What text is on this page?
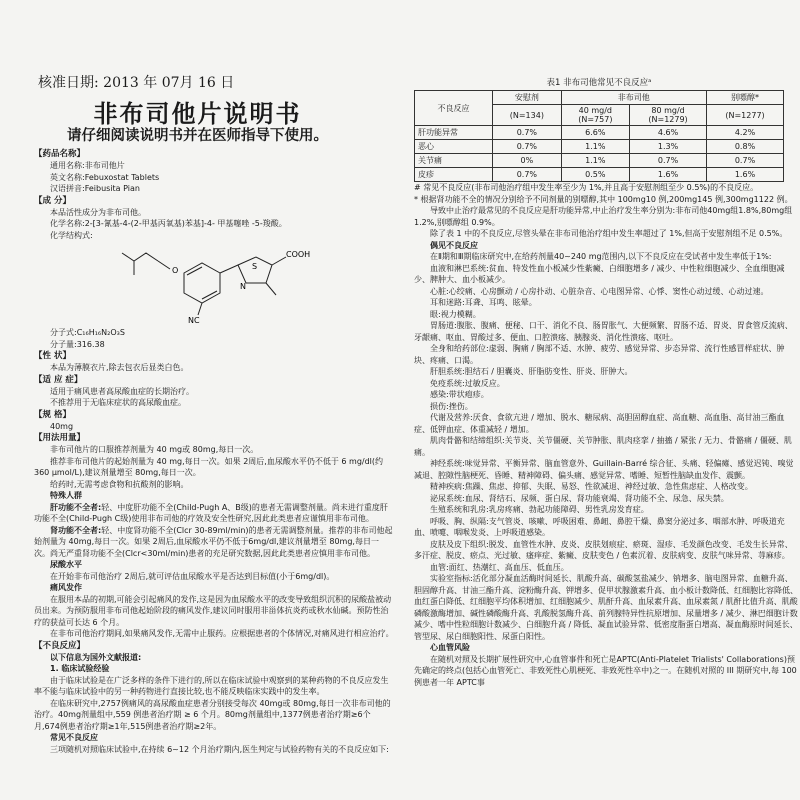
核准日期: 2013 年 07月 16 日
非布司他片说明书
请仔细阅读说明书并在医师指导下使用。
【药品名称】

通用名称:非布司他片

英文名称:Febuxostat Tablets

汉语拼音:Feibusita Pian

【成 分】

本品活性成分为非布司他。

化学名称:2-[3-氰基-4-(2-甲基丙氧基)苯基]-4- 甲基噻唑 -5-羧酸。

化学结构式:

O
COOH
S
N
NC

分子式:C₁₆H₁₆N₂O₃S

分子量:316.38

【性 状】

本品为薄膜衣片,除去包衣后显类白色。

【适 应 症】

适用于痛风患者高尿酸血症的长期治疗。

不推荐用于无临床症状的高尿酸血症。

【规 格】

40mg

【用法用量】

非布司他片的口服推荐剂量为 40 mg或 80mg,每日一次。

推荐非布司他片的起始剂量为 40 mg,每日一次。如果 2周后,血尿酸水平仍不低于 6 mg/dl(约360 μmol/L),建议剂量增至 80mg,每日一次。

给药时,无需考虑食物和抗酸剂的影响。

特殊人群

肝功能不全者:轻、中度肝功能不全(Child-Pugh A、B级)的患者无需调整剂量。尚未进行重度肝功能不全(Child-Pugh C级)使用非布司他的疗效及安全性研究,因此此类患者应谨慎用非布司他。

肾功能不全者:轻、中度肾功能不全(Clcr 30-89ml/min)的患者无需调整剂量。推荐的非布司他起始剂量为 40mg,每日一次。如果 2周后,血尿酸水平仍不低于6mg/dl,建议剂量增至 80mg,每日一次。尚无严重肾功能不全(Clcr<30ml/min)患者的充足研究数据,因此此类患者应慎用非布司他。

尿酸水平

在开始非布司他治疗 2周后,就可评估血尿酸水平是否达到目标值(小于6mg/dl)。

痛风发作

在服用本品的初期,可能会引起痛风的发作,这是因为血尿酸水平的改变导致组织沉积的尿酸盐被动员出来。为预防服用非布司他起始阶段的痛风发作,建议同时服用非甾体抗炎药或秋水仙碱。预防性治疗的获益可长达 6 个月。

在非布司他治疗期间,如果痛风发作,无需中止服药。应根据患者的个体情况,对痛风进行相应治疗。

【不良反应】

以下信息为国外文献报道:

1. 临床试验经验

由于临床试验是在广泛多样的条件下进行的,所以在临床试验中观察到的某种药物的不良反应发生率不能与临床试验中的另一种药物进行直接比较,也不能反映临床实践中的发生率。

在临床研究中,2757例痛风的高尿酸血症患者分别接受每次 40mg或 80mg,每日一次非布司他的治疗。40mg剂量组中,559 例患者治疗期 ≥ 6 个月。80mg剂量组中,1377例患者治疗期≥6个月,674例患者治疗期≥1年,515例患者治疗期≥2年。

常见不良反应

三项随机对照临床试验中,在持续 6~12 个月治疗期内,医生判定与试验药物有关的不良反应如下:

表1 非布司他常见不良反应ᵃ
不良反应	安慰剂	非布司他		别嘌醇*
	(N=134)	40 mg/d
(N=757)	80 mg/d
(N=1279)	(N=1277)
肝功能异常	0.7%	6.6%	4.6%	4.2%
恶心	0.7%	1.1%	1.3%	0.8%
关节痛	0%	1.1%	0.7%	0.7%
皮疹	0.7%	0.5%	1.6%	1.6%

# 常见不良反应(非布司他治疗组中发生率至少为 1%,并且高于安慰剂组至少 0.5%)的不良反应。

* 根据肾功能不全的情况分别给予不同剂量的别嘌醇,其中 100mg10 例,200mg145 例,300mg1122 例。

导致中止治疗最常见的不良反应是肝功能异常,中止治疗发生率分别为:非布司他40mg组1.8%,80mg组1.2%,别嘌醇组 0.9%。

除了表 1 中的不良反应,尽管头晕在非布司他治疗组中发生率超过了 1%,但高于安慰剂组不足 0.5%。

偶见不良反应

在Ⅱ期和Ⅲ期临床研究中,在给药剂量40~240 mg范围内,以下不良反应在受试者中发生率低于1%:

血液和淋巴系统:贫血、特发性血小板减少性紫癜、白细胞增多 / 减少、中性粒细胞减少、全血细胞减少、脾肿大、血小板减少。

心脏:心绞痛、心房颤动 / 心房扑动、心脏杂音、心电图异常、心悸、窦性心动过缓、心动过速。

耳和迷路:耳聋、耳鸣、眩晕。

眼:视力模糊。

胃肠道:腹胀、腹痛、便秘、口干、消化不良、肠胃胀气、大便频繁、胃肠不适、胃炎、胃食管反流病、牙龈痛、呕血、胃酸过多、便血、口腔溃疡、胰腺炎、消化性溃疡、呕吐。

全身和给药部位:虚弱、胸痛 / 胸部不适、水肿、疲劳、感觉异常、步态异常、流行性感冒样症状、肿块、疼痛、口渴。

肝胆系统:胆结石 / 胆囊炎、肝脂肪变性、肝炎、肝肿大。

免疫系统:过敏反应。

感染:带状疱疹。

损伤:挫伤。

代谢及营养:厌食、食欲亢进 / 增加、脱水、糖尿病、高胆固醇血症、高血糖、高血脂、高甘油三酯血症、低钾血症、体重减轻 / 增加。

肌肉骨骼和结缔组织:关节炎、关节僵硬、关节肿胀、肌肉痉挛 / 抽搐 / 紧张 / 无力、骨骼痛 / 僵硬、肌痛。

神经系统:味觉异常、平衡异常、脑血管意外、Guillain-Barré 综合征、头痛、轻偏瘫、感觉迟钝、嗅觉减退、腔隙性脑梗死、昏睡、精神障碍、偏头痛、感觉异常、嗜睡、短暂性脑缺血发作、震颤。

精神疾病:焦躁、焦虑、抑郁、失眠、易怒、性欲减退、神经过敏、急性焦虑症、人格改变。

泌尿系统:血尿、肾结石、尿频、蛋白尿、肾功能衰竭、肾功能不全、尿急、尿失禁。

生殖系统和乳房:乳房疼痛、勃起功能障碍、男性乳房发育症。

呼吸、胸、纵隔:支气管炎、咳嗽、呼吸困难、鼻衄、鼻腔干燥、鼻窦分泌过多、咽部水肿、呼吸道充血、喷嚏、咽喉发炎、上呼吸道感染。

皮肤及皮下组织:脱发、血管性水肿、皮炎、皮肤划痕症、瘀斑、湿疹、毛发颜色改变、毛发生长异常、多汗症、脱皮、瘀点、光过敏、瘙痒症、紫癜、皮肤变色 / 色素沉着、皮肤病变、皮肤气味异常、荨麻疹。

血管:面红、热潮红、高血压、低血压。

实验室指标:活化部分凝血活酶时间延长、肌酸升高、碳酸氢盐减少、钠增多、脑电图异常、血糖升高、胆固醇升高、甘油三酯升高、淀粉酶升高、钾增多、促甲状腺激素升高、血小板计数降低、红细胞比容降低、血红蛋白降低、红细胞平均体积增加、红细胞减少、肌酐升高、血尿素升高、血尿素氮 / 肌酐比值升高、肌酸磷酸激酶增加、碱性磷酸酶升高、乳酸脱氢酶升高、前列腺特异性抗原增加、尿量增多 / 减少、淋巴细胞计数减少、嗜中性粒细胞计数减少、白细胞升高 / 降低、凝血试验异常、低密度脂蛋白增高、凝血酶原时间延长、管型尿、尿白细胞阳性、尿蛋白阳性。

心血管风险

在随机对照及长期扩展性研究中,心血管事件和死亡是APTC(Anti-Platelet Trialists' Collaborations)预先确定的终点(包括心血管死亡、非致死性心肌梗死、非致死性卒中)之一。在随机对照的 III 期研究中,每 100 例患者一年 APTC事
